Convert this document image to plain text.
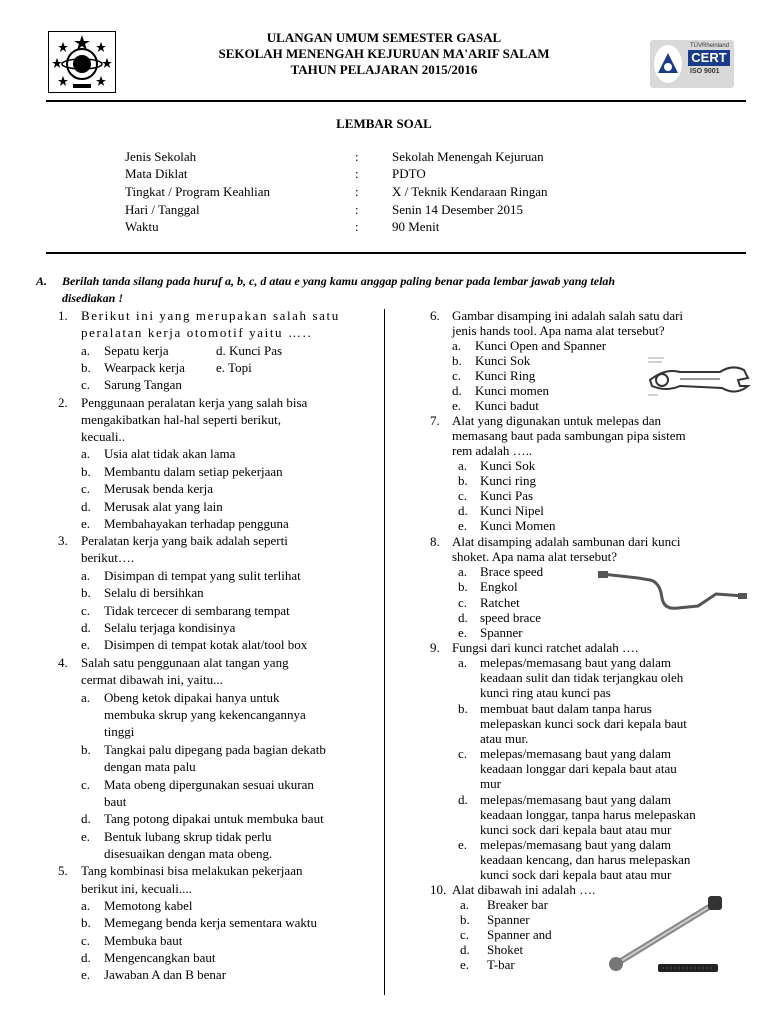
ULANGAN UMUM SEMESTER GASAL
SEKOLAH MENENGAH KEJURUAN MA'ARIF SALAM
TAHUN PELAJARAN 2015/2016
TÜVRheinland
CERT
ISO 9001
LEMBAR SOAL
Jenis Sekolah	:	Sekolah Menengah Kejuruan
Mata Diklat	:	PDTO
Tingkat / Program Keahlian	:	X / Teknik Kendaraan Ringan
Hari / Tanggal	:	Senin 14 Desember 2015
Waktu	:	90 Menit
A. Berilah tanda silang pada huruf a, b, c, d atau e yang kamu anggap paling benar pada lembar jawab yang telah
disediakan !
1. Berikut ini yang merupakan salah satu
peralatan kerja otomotif yaitu …..
a. Sepatu kerja	d. Kunci Pas
b. Wearpack kerja e. Topi
c. Sarung Tangan
2. Penggunaan peralatan kerja yang salah bisa
mengakibatkan hal-hal seperti berikut,
kecuali..
a. Usia alat tidak akan lama
b. Membantu dalam setiap pekerjaan
c. Merusak benda kerja
d. Merusak alat yang lain
e. Membahayakan terhadap pengguna
3. Peralatan kerja yang baik adalah seperti
berikut….
a. Disimpan di tempat yang sulit terlihat
b. Selalu di bersihkan
c. Tidak tercecer di sembarang tempat
d. Selalu terjaga kondisinya
e. Disimpen di tempat kotak alat/tool box
4. Salah satu penggunaan alat tangan yang
cermat dibawah ini, yaitu...
a. Obeng ketok dipakai hanya untuk
membuka skrup yang kekencangannya
tinggi
b. Tangkai palu dipegang pada bagian dekatb
dengan mata palu
c. Mata obeng dipergunakan sesuai ukuran
baut
d. Tang potong dipakai untuk membuka baut
e. Bentuk lubang skrup tidak perlu
disesuaikan dengan mata obeng.
5. Tang kombinasi bisa melakukan pekerjaan
berikut ini, kecuali....
a. Memotong kabel
b. Memegang benda kerja sementara waktu
c. Membuka baut
d. Mengencangkan baut
e. Jawaban A dan B benar
6. Gambar disamping ini adalah salah satu dari
jenis hands tool. Apa nama alat tersebut?
a. Kunci Open and Spanner
b. Kunci Sok
c. Kunci Ring
d. Kunci momen
e. Kunci badut
7. Alat yang digunakan untuk melepas dan
memasang baut pada sambungan pipa sistem
rem adalah …..
a. Kunci Sok
b. Kunci ring
c. Kunci Pas
d. Kunci Nipel
e. Kunci Momen
8. Alat disamping adalah sambunan dari kunci
shoket. Apa nama alat tersebut?
a. Brace speed
b. Engkol
c. Ratchet
d. speed brace
e. Spanner
9. Fungsi dari kunci ratchet adalah ….
a. melepas/memasang baut yang dalam
keadaan sulit dan tidak terjangkau oleh
kunci ring atau kunci pas
b. membuat baut dalam tanpa harus
melepaskan kunci sock dari kepala baut
atau mur.
c. melepas/memasang baut yang dalam
keadaan longgar dari kepala baut atau
mur
d. melepas/memasang baut yang dalam
keadaan longgar, tanpa harus melepaskan
kunci sock dari kepala baut atau mur
e. melepas/memasang baut yang dalam
keadaan kencang, dan harus melepaskan
kunci sock dari kepala baut atau mur
10. Alat dibawah ini adalah ….
a. Breaker bar
b. Spanner
c. Spanner and
d. Shoket
e. T-bar
